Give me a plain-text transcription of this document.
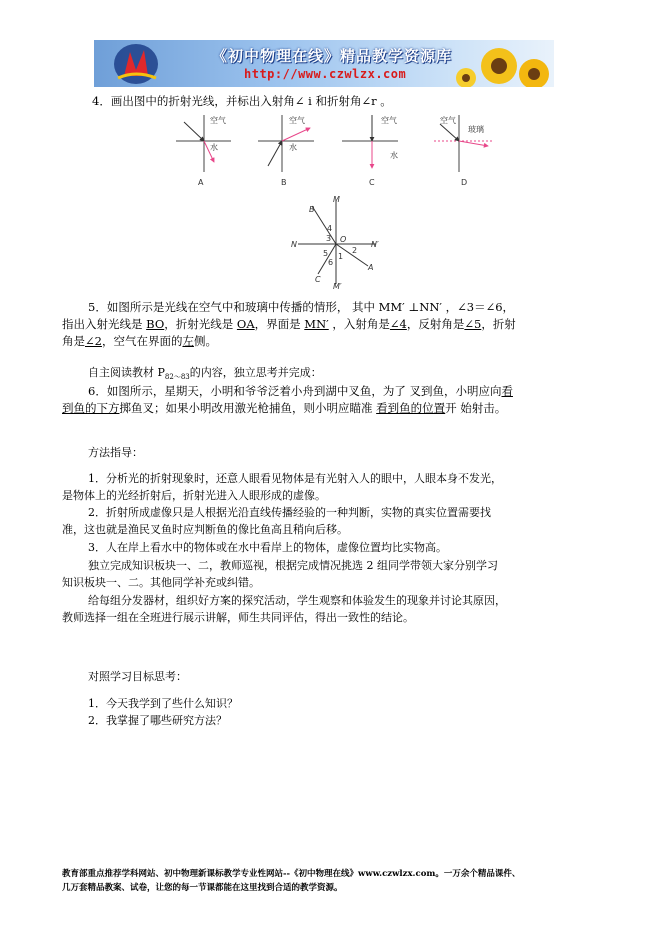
《初中物理在线》精品教学资源库
http://www.czwlzx.com
4．画出图中的折射光线，并标出入射角∠ i 和折射角∠r 。
空气
水
空气
水
空气
水
空气
玻璃
A	B	C	D
B
M
N
O
N′
M′
A
C
1
2
3
4
5
6
5．如图所示是光线在空气中和玻璃中传播的情形， 其中 MM′ ⊥NN′ ，∠3＝∠6，
指出入射光线是 BO，折射光线是 OA，界面是 MN′ ，入射角是∠4，反射角是∠5，折射
角是∠2，空气在界面的左侧。
自主阅读教材 $P_{82\sim 83}$的内容，独立思考并完成：
6．如图所示，星期天，小明和爷爷泛着小舟到湖中叉鱼，为了 叉到鱼，小明应向看
到鱼的下方掷鱼叉；如果小明改用激光枪捕鱼，则小明应瞄准 看到鱼的位置开 始射击。
方法指导：
1．分析光的折射现象时，还意人眼看见物体是有光射入人的眼中，人眼本身不发光，
是物体上的光经折射后，折射光进入人眼形成的虚像。
2．折射所成虚像只是人根据光沿直线传播经验的一种判断，实物的真实位置需要找
准，这也就是渔民叉鱼时应判断鱼的像比鱼高且稍向后移。
3．人在岸上看水中的物体或在水中看岸上的物体，虚像位置均比实物高。
独立完成知识板块一、二，教师巡视，根据完成情况挑选 2 组同学带领大家分别学习
知识板块一、二。其他同学补充或纠错。
给每组分发器材，组织好方案的探究活动，学生观察和体验发生的现象并讨论其原因，
教师选择一组在全班进行展示讲解，师生共同评估，得出一致性的结论。
对照学习目标思考：
1．今天我学到了些什么知识？
2．我掌握了哪些研究方法？
教育部重点推荐学科网站、初中物理新课标教学专业性网站--《初中物理在线》www.czwlzx.com。一万余个精品课件、
几万套精品教案、试卷，让您的每一节课都能在这里找到合适的教学资源。
